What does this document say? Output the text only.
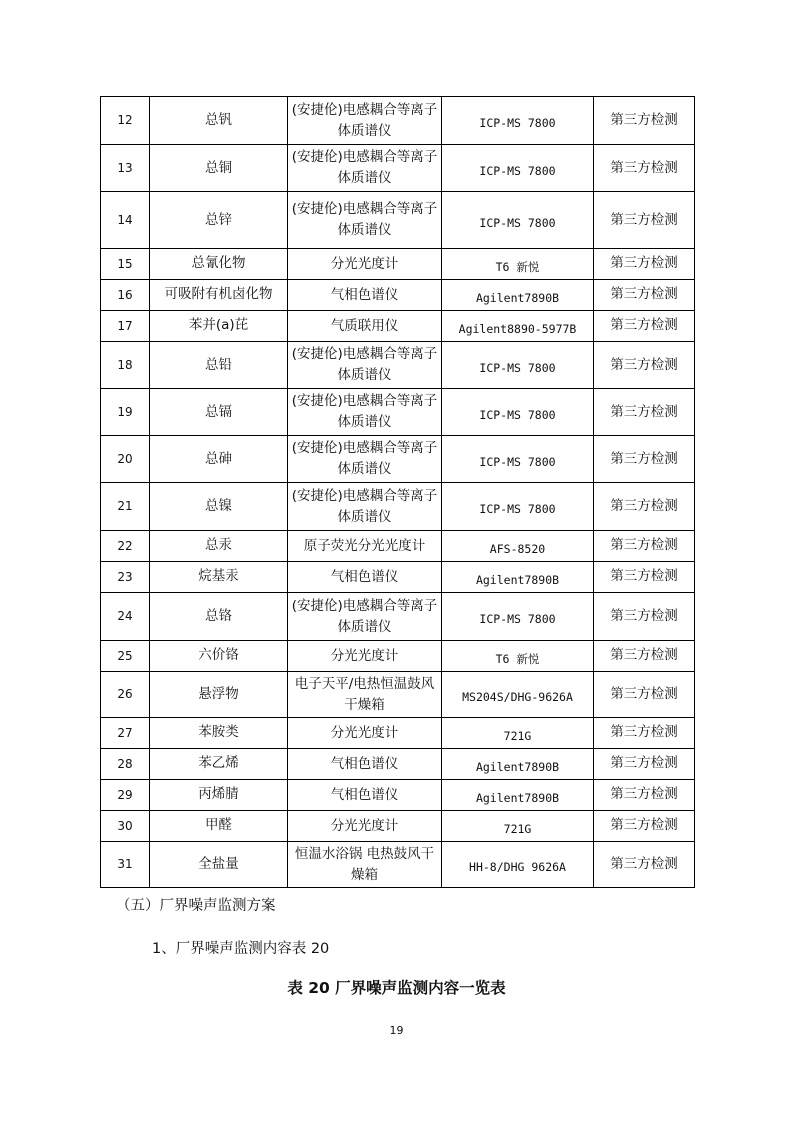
12	总钒	(安捷伦)电感耦合等离子体质谱仪	ICP-MS 7800	第三方检测
13	总铜	(安捷伦)电感耦合等离子体质谱仪	ICP-MS 7800	第三方检测
14	总锌	(安捷伦)电感耦合等离子体质谱仪	ICP-MS 7800	第三方检测
15	总氰化物	分光光度计	T6 新悦	第三方检测
16	可吸附有机卤化物	气相色谱仪	Agilent7890B	第三方检测
17	苯并(a)芘	气质联用仪	Agilent8890-5977B	第三方检测
18	总铅	(安捷伦)电感耦合等离子体质谱仪	ICP-MS 7800	第三方检测
19	总镉	(安捷伦)电感耦合等离子体质谱仪	ICP-MS 7800	第三方检测
20	总砷	(安捷伦)电感耦合等离子体质谱仪	ICP-MS 7800	第三方检测
21	总镍	(安捷伦)电感耦合等离子体质谱仪	ICP-MS 7800	第三方检测
22	总汞	原子荧光分光光度计	AFS-8520	第三方检测
23	烷基汞	气相色谱仪	Agilent7890B	第三方检测
24	总铬	(安捷伦)电感耦合等离子体质谱仪	ICP-MS 7800	第三方检测
25	六价铬	分光光度计	T6 新悦	第三方检测
26	悬浮物	电子天平/电热恒温鼓风干燥箱	MS204S/DHG-9626A	第三方检测
27	苯胺类	分光光度计	721G	第三方检测
28	苯乙烯	气相色谱仪	Agilent7890B	第三方检测
29	丙烯腈	气相色谱仪	Agilent7890B	第三方检测
30	甲醛	分光光度计	721G	第三方检测
31	全盐量	恒温水浴锅 电热鼓风干燥箱	HH-8/DHG 9626A	第三方检测
（五）厂界噪声监测方案
1、厂界噪声监测内容表 20
表 20 厂界噪声监测内容一览表
19
